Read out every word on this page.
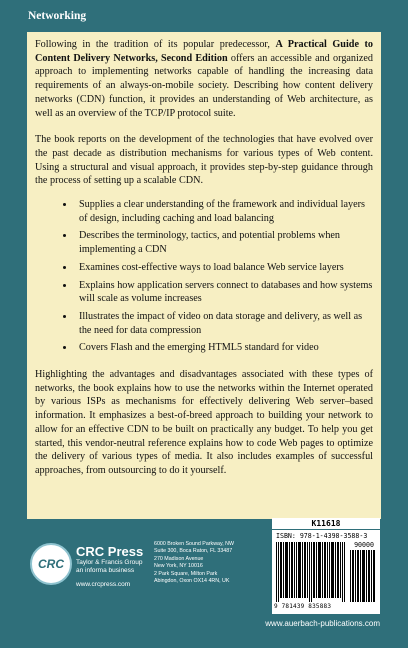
Networking

Following in the tradition of its popular predecessor, A Practical Guide to Content Delivery Networks, Second Edition offers an accessible and organized approach to implementing networks capable of handling the increasing data requirements of an always-on-mobile society. Describing how content delivery networks (CDN) function, it provides an understanding of Web architecture, as well as an overview of the TCP/IP protocol suite.

The book reports on the development of the technologies that have evolved over the past decade as distribution mechanisms for various types of Web content. Using a structural and visual approach, it provides step-by-step guidance through the process of setting up a scalable CDN.

• Supplies a clear understanding of the framework and individual layers of design, including caching and load balancing
• Describes the terminology, tactics, and potential problems when implementing a CDN
• Examines cost-effective ways to load balance Web service layers
• Explains how application servers connect to databases and how systems will scale as volume increases
• Illustrates the impact of video on data storage and delivery, as well as the need for data compression
• Covers Flash and the emerging HTML5 standard for video

Highlighting the advantages and disadvantages associated with these types of networks, the book explains how to use the networks within the Internet operated by various ISPs as mechanisms for effectively delivering Web server–based information. It emphasizes a best-of-breed approach to building your network to allow for an effective CDN to be built on practically any budget. To help you get started, this vendor-neutral reference explains how to code Web pages to optimize the delivery of various types of media. It also includes examples of successful approaches, from outsourcing to do it yourself.

CRC
CRC Press
Taylor & Francis Group
an informa business
www.crcpress.com
6000 Broken Sound Parkway, NW
Suite 300, Boca Raton, FL 33487
270 Madison Avenue
New York, NY 10016
2 Park Square, Milton Park
Abingdon, Oxon OX14 4RN, UK
K11618
ISBN: 978-1-4398-3588-3
90000
9 781439 835883
www.auerbach-publications.com
